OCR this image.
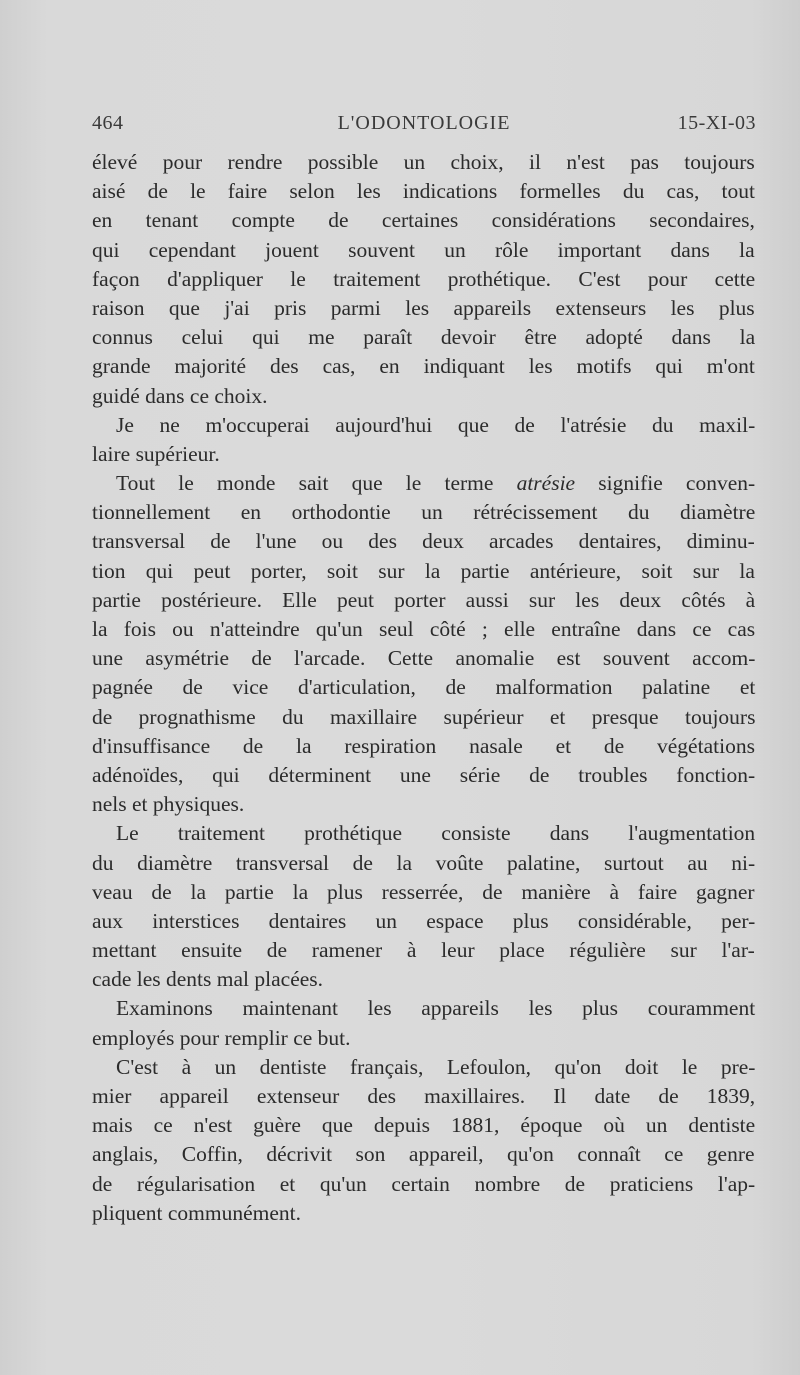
464	L'ODONTOLOGIE	15-XI-03
élevé pour rendre possible un choix, il n'est pas toujours
aisé de le faire selon les indications formelles du cas, tout
en tenant compte de certaines considérations secondaires,
qui cependant jouent souvent un rôle important dans la
façon d'appliquer le traitement prothétique. C'est pour cette
raison que j'ai pris parmi les appareils extenseurs les plus
connus celui qui me paraît devoir être adopté dans la
grande majorité des cas, en indiquant les motifs qui m'ont
guidé dans ce choix.
Je ne m'occuperai aujourd'hui que de l'atrésie du maxil-
laire supérieur.
Tout le monde sait que le terme atrésie signifie conven-
tionnellement en orthodontie un rétrécissement du diamètre
transversal de l'une ou des deux arcades dentaires, diminu-
tion qui peut porter, soit sur la partie antérieure, soit sur la
partie postérieure. Elle peut porter aussi sur les deux côtés à
la fois ou n'atteindre qu'un seul côté ; elle entraîne dans ce cas
une asymétrie de l'arcade. Cette anomalie est souvent accom-
pagnée de vice d'articulation, de malformation palatine et
de prognathisme du maxillaire supérieur et presque toujours
d'insuffisance de la respiration nasale et de végétations
adénoïdes, qui déterminent une série de troubles fonction-
nels et physiques.
Le traitement prothétique consiste dans l'augmentation
du diamètre transversal de la voûte palatine, surtout au ni-
veau de la partie la plus resserrée, de manière à faire gagner
aux interstices dentaires un espace plus considérable, per-
mettant ensuite de ramener à leur place régulière sur l'ar-
cade les dents mal placées.
Examinons maintenant les appareils les plus couramment
employés pour remplir ce but.
C'est à un dentiste français, Lefoulon, qu'on doit le pre-
mier appareil extenseur des maxillaires. Il date de 1839,
mais ce n'est guère que depuis 1881, époque où un dentiste
anglais, Coffin, décrivit son appareil, qu'on connaît ce genre
de régularisation et qu'un certain nombre de praticiens l'ap-
pliquent communément.
